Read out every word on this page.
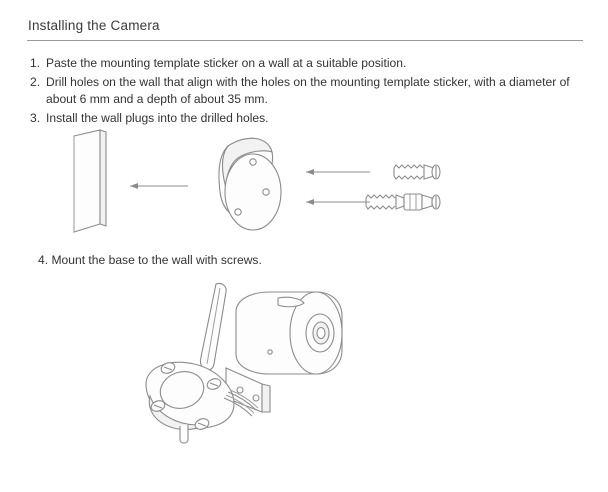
Installing the Camera
1. Paste the mounting template sticker on a wall at a suitable position.
2. Drill holes on the wall that align with the holes on the mounting template sticker, with a diameter of about 6 mm and a depth of about 35 mm.
3. Install the wall plugs into the drilled holes.
4. Mount the base to the wall with screws.
